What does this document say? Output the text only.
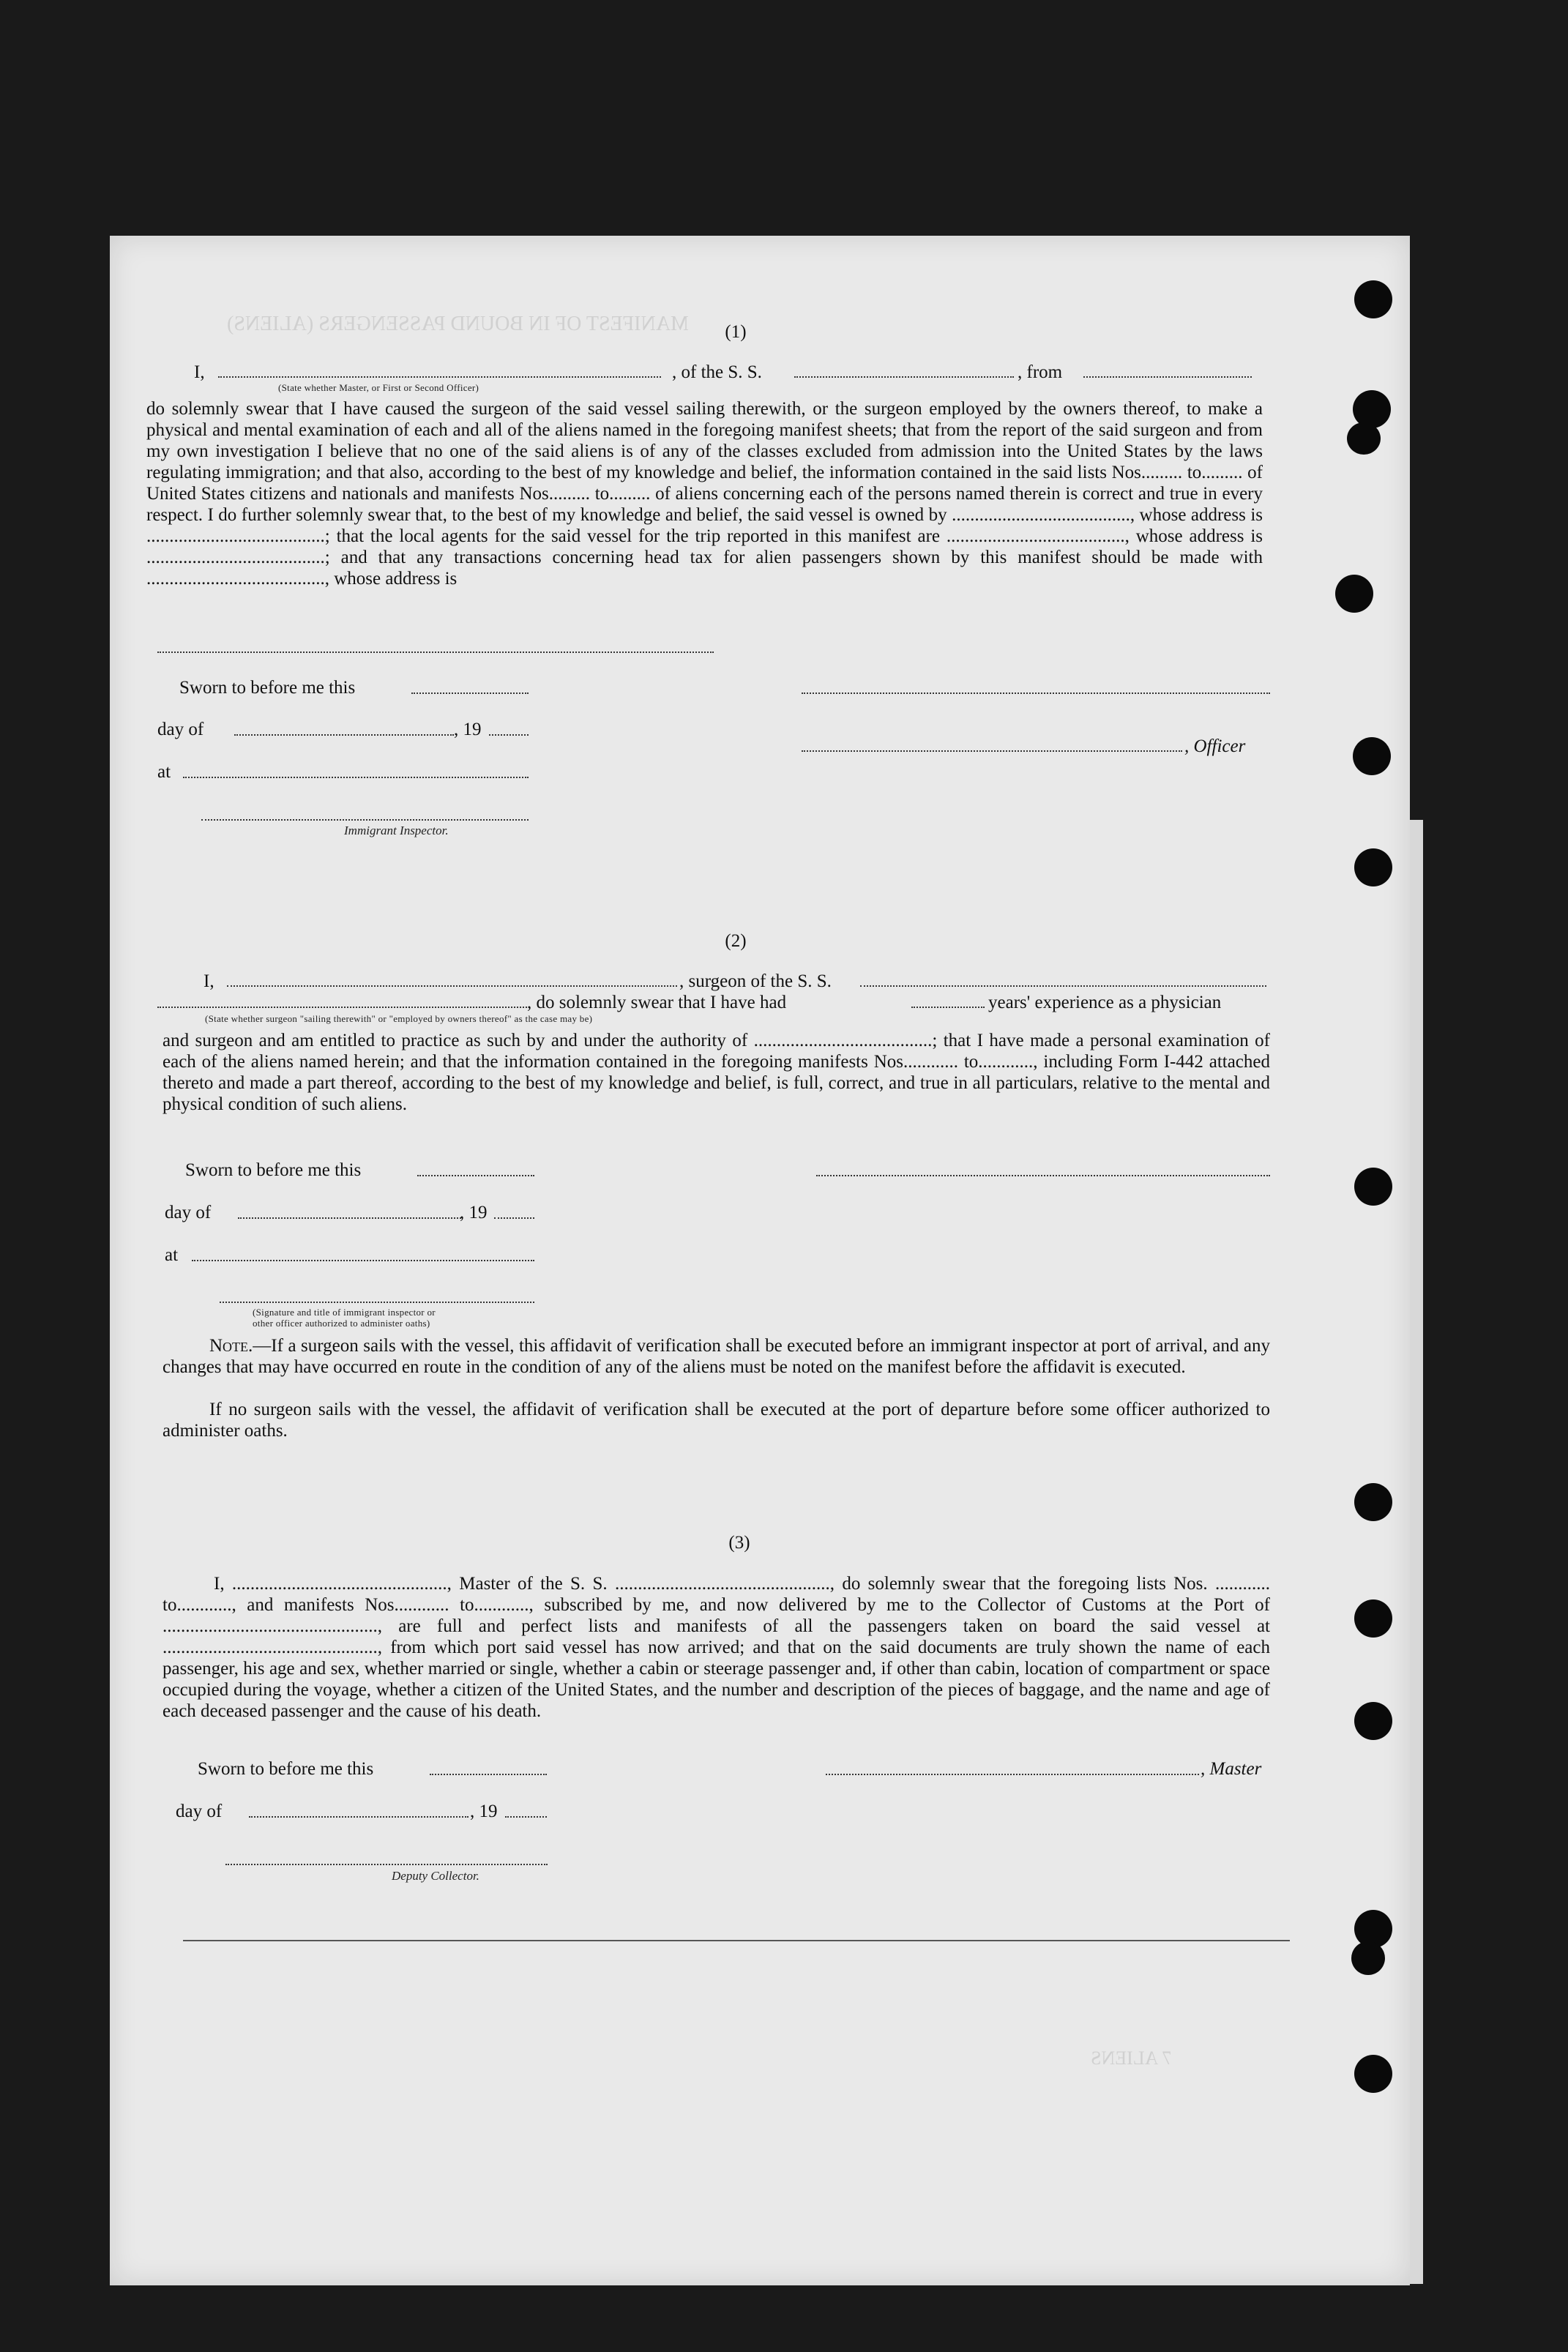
MANIFEST OF IN BOUND PASSENGERS (ALIENS)
7 ALIENS
(1)
I,	, of the S. S.	, from
(State whether Master, or First or Second Officer)
do solemnly swear that I have caused the surgeon of the said vessel sailing therewith, or the surgeon employed by the owners thereof, to make a physical and mental examination of each and all of the aliens named in the foregoing manifest sheets; that from the report of the said surgeon and from my own investigation I believe that no one of the said aliens is of any of the classes excluded from admission into the United States by the laws regulating immigration; and that also, according to the best of my knowledge and belief, the information contained in the said lists Nos......... to......... of United States citizens and nationals and manifests Nos......... to......... of aliens concerning each of the persons named therein is correct and true in every respect. I do further solemnly swear that, to the best of my knowledge and belief, the said vessel is owned by ......................................., whose address is .......................................; that the local agents for the said vessel for the trip reported in this manifest are ......................................., whose address is .......................................; and that any transactions concerning head tax for alien passengers shown by this manifest should be made with ......................................., whose address is
Sworn to before me this
day of	, 19
, Officer
at
Immigrant Inspector.
(2)
I,	, surgeon of the S. S.
, do solemnly swear that I have had	years' experience as a physician
(State whether surgeon "sailing therewith" or "employed by owners thereof" as the case may be)
and surgeon and am entitled to practice as such by and under the authority of .......................................; that I have made a personal examination of each of the aliens named herein; and that the information contained in the foregoing manifests Nos............ to............, including Form I-442 attached thereto and made a part thereof, according to the best of my knowledge and belief, is full, correct, and true in all particulars, relative to the mental and physical condition of such aliens.
Sworn to before me this
day of	, 19
at
(Signature and title of immigrant inspector or
other officer authorized to administer oaths)
Note.—If a surgeon sails with the vessel, this affidavit of verification shall be executed before an immigrant inspector at port of arrival, and any changes that may have occurred en route in the condition of any of the aliens must be noted on the manifest before the affidavit is executed.
If no surgeon sails with the vessel, the affidavit of verification shall be executed at the port of departure before some officer authorized to administer oaths.
(3)
I, ..............................................., Master of the S. S. ..............................................., do solemnly swear that the foregoing lists Nos. ............ to............, and manifests Nos............ to............, subscribed by me, and now delivered by me to the Collector of Customs at the Port of ..............................................., are full and perfect lists and manifests of all the passengers taken on board the said vessel at ..............................................., from which port said vessel has now arrived; and that on the said documents are truly shown the name of each passenger, his age and sex, whether married or single, whether a cabin or steerage passenger and, if other than cabin, location of compartment or space occupied during the voyage, whether a citizen of the United States, and the number and description of the pieces of baggage, and the name and age of each deceased passenger and the cause of his death.
Sworn to before me this	, Master
day of	, 19
Deputy Collector.
